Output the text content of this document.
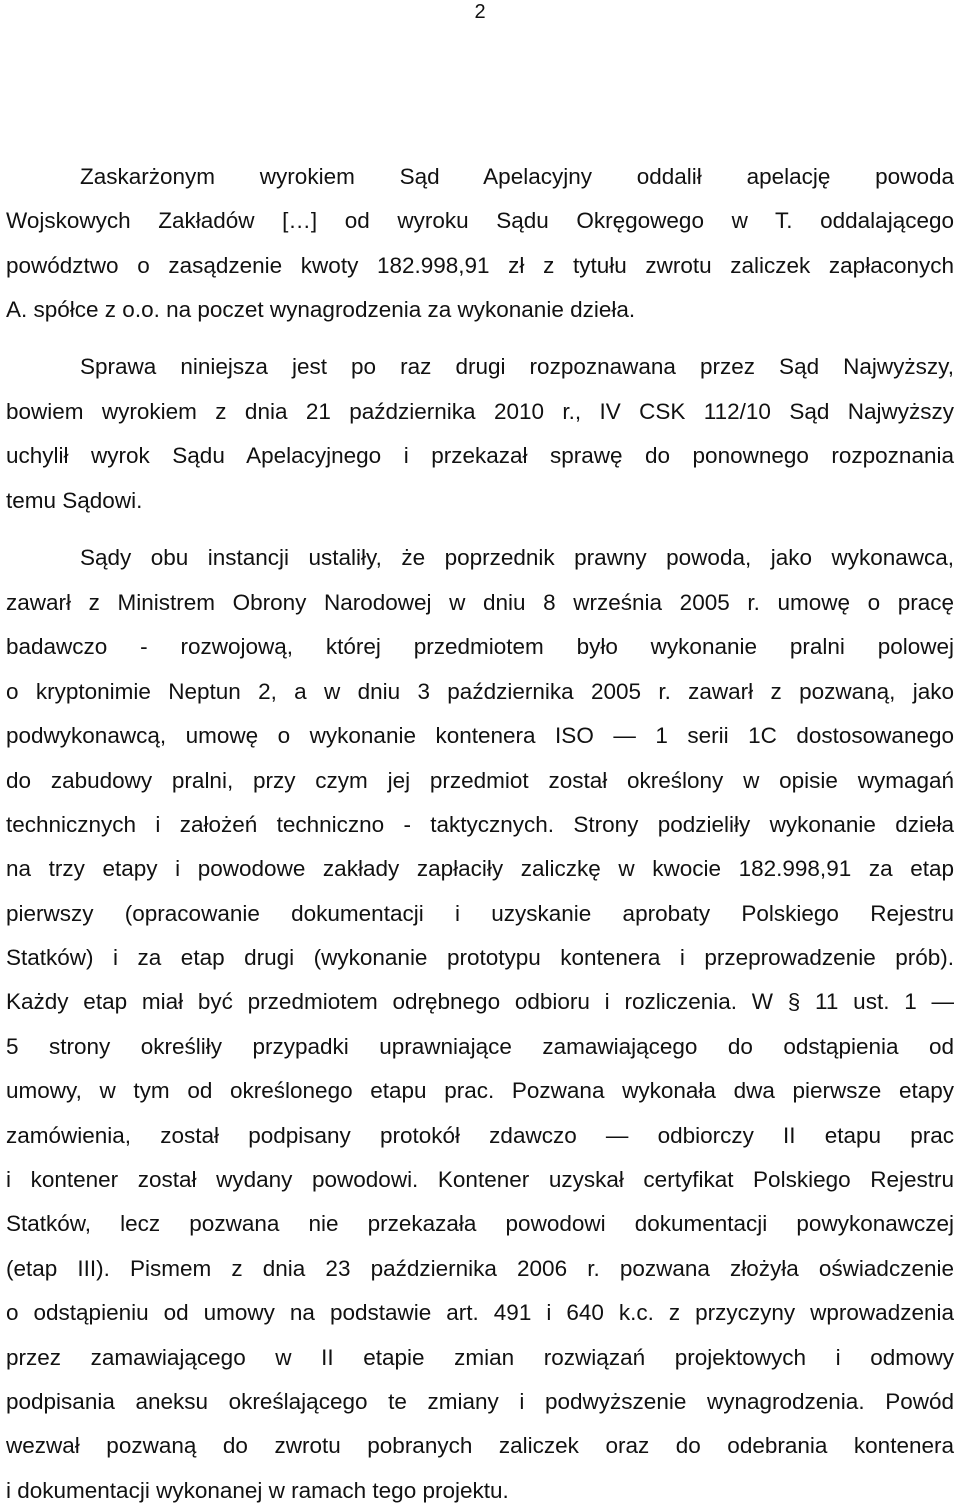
2
Zaskarżonym wyrokiem Sąd Apelacyjny oddalił apelację powoda
Wojskowych Zakładów […] od wyroku Sądu Okręgowego w T. oddalającego
powództwo o zasądzenie kwoty 182.998,91 zł z tytułu zwrotu zaliczek zapłaconych
A. spółce z o.o. na poczet wynagrodzenia za wykonanie dzieła.
Sprawa niniejsza jest po raz drugi rozpoznawana przez Sąd Najwyższy,
bowiem wyrokiem z dnia 21 października 2010 r., IV CSK 112/10 Sąd Najwyższy
uchylił wyrok Sądu Apelacyjnego i przekazał sprawę do ponownego rozpoznania
temu Sądowi.
Sądy obu instancji ustaliły, że poprzednik prawny powoda, jako wykonawca,
zawarł z Ministrem Obrony Narodowej w dniu 8 września 2005 r. umowę o pracę
badawczo - rozwojową, której przedmiotem było wykonanie pralni polowej
o kryptonimie Neptun 2, a w dniu 3 października 2005 r. zawarł z pozwaną, jako
podwykonawcą, umowę o wykonanie kontenera ISO — 1 serii 1C dostosowanego
do zabudowy pralni, przy czym jej przedmiot został określony w opisie wymagań
technicznych i założeń techniczno - taktycznych. Strony podzieliły wykonanie dzieła
na trzy etapy i powodowe zakłady zapłaciły zaliczkę w kwocie 182.998,91 za etap
pierwszy (opracowanie dokumentacji i uzyskanie aprobaty Polskiego Rejestru
Statków) i za etap drugi (wykonanie prototypu kontenera i przeprowadzenie prób).
Każdy etap miał być przedmiotem odrębnego odbioru i rozliczenia. W § 11 ust. 1 —
5 strony określiły przypadki uprawniające zamawiającego do odstąpienia od
umowy, w tym od określonego etapu prac. Pozwana wykonała dwa pierwsze etapy
zamówienia, został podpisany protokół zdawczo — odbiorczy II etapu prac
i kontener został wydany powodowi. Kontener uzyskał certyfikat Polskiego Rejestru
Statków, lecz pozwana nie przekazała powodowi dokumentacji powykonawczej
(etap III). Pismem z dnia 23 października 2006 r. pozwana złożyła oświadczenie
o odstąpieniu od umowy na podstawie art. 491 i 640 k.c. z przyczyny wprowadzenia
przez zamawiającego w II etapie zmian rozwiązań projektowych i odmowy
podpisania aneksu określającego te zmiany i podwyższenie wynagrodzenia. Powód
wezwał pozwaną do zwrotu pobranych zaliczek oraz do odebrania kontenera
i dokumentacji wykonanej w ramach tego projektu.
